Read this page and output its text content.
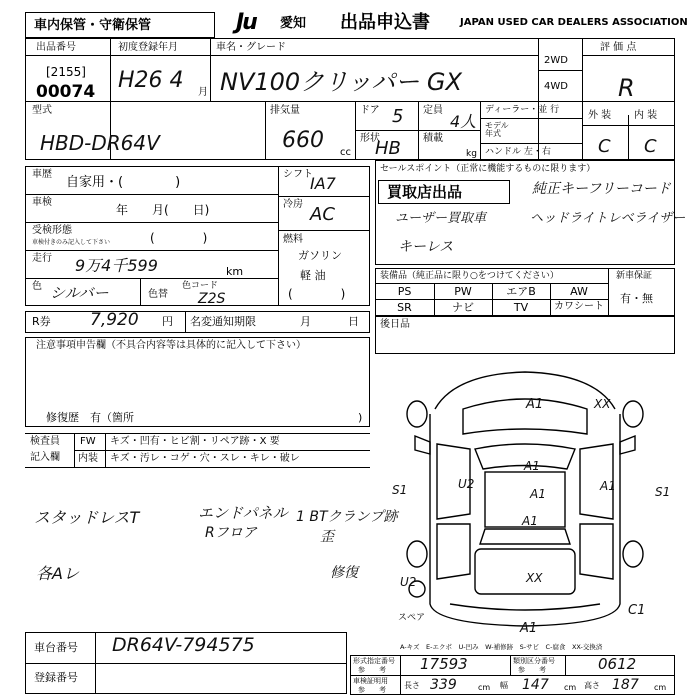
車内保管・守衛保管	Ju 愛知 出品申込書	JAPAN USED CAR DEALERS ASSOCIATION
出品番号
[2155]
00074
初度登録年月
H26 4 月
車名・グレード
NV100クリッパー GX
2WD
4WD
評 価 点
R
型式
HBD-DR64V
排気量
660 cc
ドア 5
形状
HB
定員
4人
積載
kg
ディーラー・並 行
モデル
年式
ハンドル 左・右
外 装 内 装
C C
車歴
自家用・(　　　　)
車検
年　　月(　　日)
受検形態
車検付きのみ記入して下さい	(　　　　)
走行 9万4千599	km
色 シルバー	色替
色コード
Z2S
シフト
IA7
冷房 AC
燃料
ガソリン
軽 油
(　　　　)
R券 7,920 円 名変通知期限	月	日
注意事項申告欄（不具合内容等は具体的に記入して下さい）
修復歴　有（箇所	)
検査員
記入欄
FW キズ・凹有・ヒビ割・リペア跡・X 要
内装 キズ・汚レ・コゲ・穴・スレ・キレ・破レ
スタッドレスT	エンドパネル
Rフロア
1 BTクランプ跡
歪
各Aレ	修復
セールスポイント（正常に機能するものに限ります）
買取店出品	純正キーフリーコード
ユーザー買取車	ヘッドライトレベライザー
キーレス
装備品（純正品に限り○をつけてください）
PS	PW	エアB	AW
SR	ナビ	TV	カワシート
新車保証
有・無
後日品
A1	XX
A1
U2	A1
A1
S1	S1
A1
XX
U2
A1
C1
スペア
A-キズ　E-エクボ　U-凹み　W-補修跡　S-サビ　C-腐食　XX-交換済
車台番号 DR64V-794575
登録番号
形式指定番号
参　　考 17593	類別区分番号
参　　考	0612
車検証明用
参　　考 長さ 339	cm 幅 147 cm 高さ 187 cm
